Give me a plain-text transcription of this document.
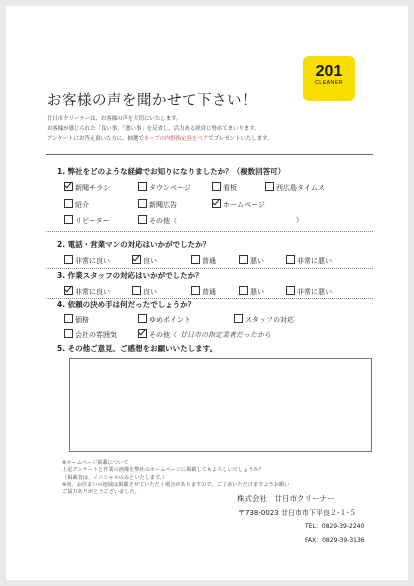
201
CLEANER
お客様の声を聞かせて下さい！
廿日市クリーナーは、お客様の声を大切にいたします。
お客様が感じられた「良い事」「悪い事」を反省し、活力ある経営に努めてまいります。
アンケートにお答え頂いた方に、抽選でカーブの内野指定券をペアでプレゼントいたします。
1. 弊社をどのような経緯でお知りになりましたか？（複数回答可）
新聞チラシ	タウンページ	看板	西広島タイムス
紹介	新聞広告	ホームページ
リピーター	その他（	）
2. 電話・営業マンの対応はいかがでしたか？
非常に良い	良い	普通	悪い	非常に悪い
3. 作業スタッフの対応はいかがでしたか？
非常に良い	良い	普通	悪い	非常に悪い
4. 依頼の決め手は何だったでしょうか？
価格	ゆめポイント	スタッフの対応
会社の雰囲気	その他（ 廿日市の指定業者だったから
5. その他ご意見、ご感想をお願いいたします。
※ホームページ掲載について
上記アンケートと作業の画像を弊社のホームページに掲載してもよろしいでしょうか？
（掲載者は、イニシャルのみといたします。）
※尚、お住まいの地域は掲載させていただく場合がありますので、ご了承いただけますようお願い
ご協力ありがとうございました。
株式会社　廿日市クリーナー
〒738-0023 廿日市市下平良２-１-５
TEL：0829-39-2240
FAX：0829-39-3136
